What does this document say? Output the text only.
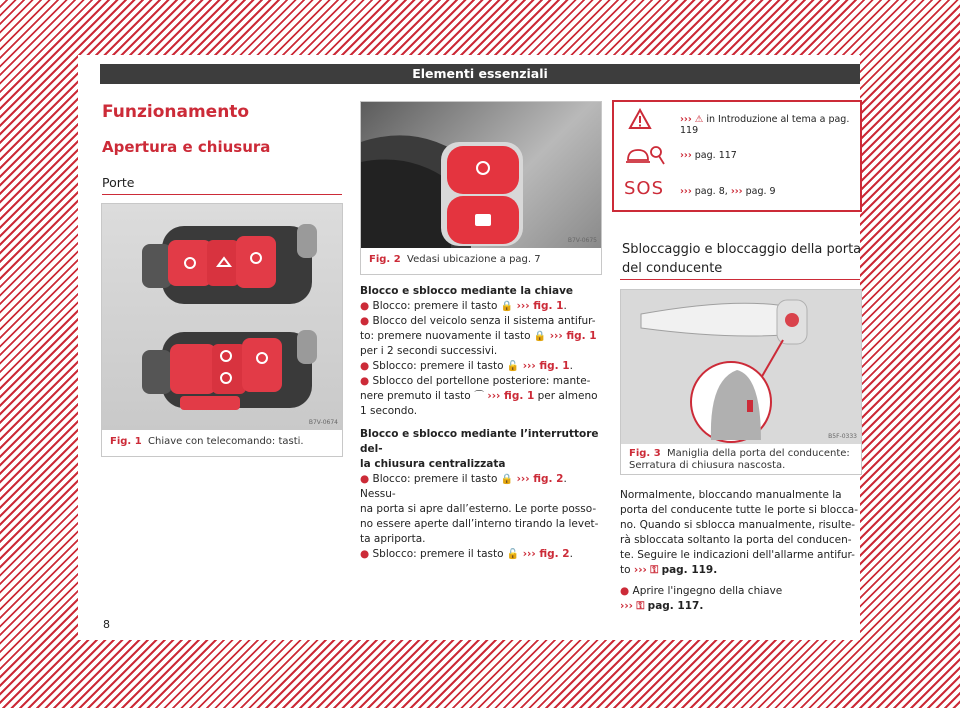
Elementi essenziali
Funzionamento
Apertura e chiusura
Porte
B7V-0674
Fig. 1 Chiave con telecomando: tasti.
B7V-0675
Fig. 2 Vedasi ubicazione a pag. 7

Blocco e sblocco mediante la chiave

● Blocco: premere il tasto 🔒 ››› fig. 1.

● Blocco del veicolo senza il sistema antifur-
to: premere nuovamente il tasto 🔒 ››› fig. 1
per i 2 secondi successivi.

● Sblocco: premere il tasto 🔓 ››› fig. 1.

● Sblocco del portellone posteriore: mante-
nere premuto il tasto ⌒ ››› fig. 1 per almeno
1 secondo.

Blocco e sblocco mediante l’interruttore del-
la chiusura centralizzata

● Blocco: premere il tasto 🔒 ››› fig. 2. Nessu-
na porta si apre dall’esterno. Le porte posso-
no essere aperte dall’interno tirando la levet-
ta apriporta.

● Sblocco: premere il tasto 🔓 ››› fig. 2.

››› ⚠ in Introduzione al tema a pag. 119
››› pag. 117
SOS ››› pag. 8, ››› pag. 9
Sbloccaggio e bloccaggio della porta
del conducente
B5F-0333
Fig. 3 Maniglia della porta del conducente:
Serratura di chiusura nascosta.

Normalmente, bloccando manualmente la
porta del conducente tutte le porte si blocca-
no. Quando si sblocca manualmente, risulte-
rà sbloccata soltanto la porta del conducen-
te. Seguire le indicazioni dell'allarme antifur-
to ››› ⚿ pag. 119.

● Aprire l'ingegno della chiave
››› ⚿ pag. 117.

8
